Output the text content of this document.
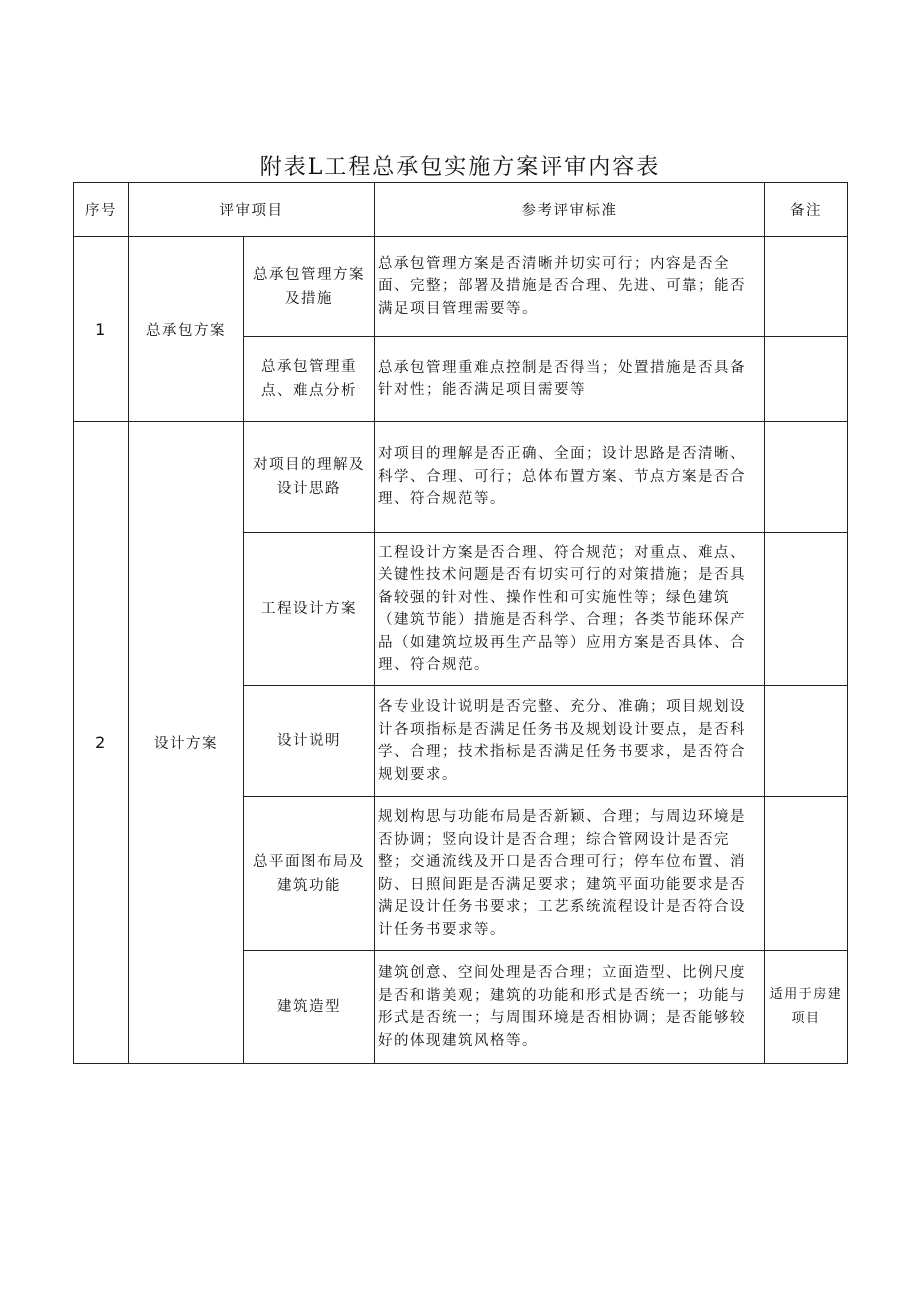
附表L工程总承包实施方案评审内容表
序号	评审项目		参考评审标准	备注
1	总承包方案	总承包管理方案及措施	总承包管理方案是否清晰并切实可行；内容是否全面、完整；部署及措施是否合理、先进、可靠；能否满足项目管理需要等。	
		总承包管理重点、难点分析	总承包管理重难点控制是否得当；处置措施是否具备针对性；能否满足项目需要等	
2	设计方案	对项目的理解及设计思路	对项目的理解是否正确、全面；设计思路是否清晰、科学、合理、可行；总体布置方案、节点方案是否合理、符合规范等。	
		工程设计方案	工程设计方案是否合理、符合规范；对重点、难点、关键性技术问题是否有切实可行的对策措施；是否具备较强的针对性、操作性和可实施性等；绿色建筑（建筑节能）措施是否科学、合理；各类节能环保产品（如建筑垃圾再生产品等）应用方案是否具体、合理、符合规范。	
		设计说明	各专业设计说明是否完整、充分、准确；项目规划设计各项指标是否满足任务书及规划设计要点，是否科学、合理；技术指标是否满足任务书要求，是否符合规划要求。	
		总平面图布局及建筑功能	规划构思与功能布局是否新颖、合理；与周边环境是否协调；竖向设计是否合理；综合管网设计是否完整；交通流线及开口是否合理可行；停车位布置、消防、日照间距是否满足要求；建筑平面功能要求是否满足设计任务书要求；工艺系统流程设计是否符合设计任务书要求等。	
		建筑造型	建筑创意、空间处理是否合理；立面造型、比例尺度是否和谐美观；建筑的功能和形式是否统一；功能与形式是否统一；与周围环境是否相协调；是否能够较好的体现建筑风格等。	适用于房建项目
